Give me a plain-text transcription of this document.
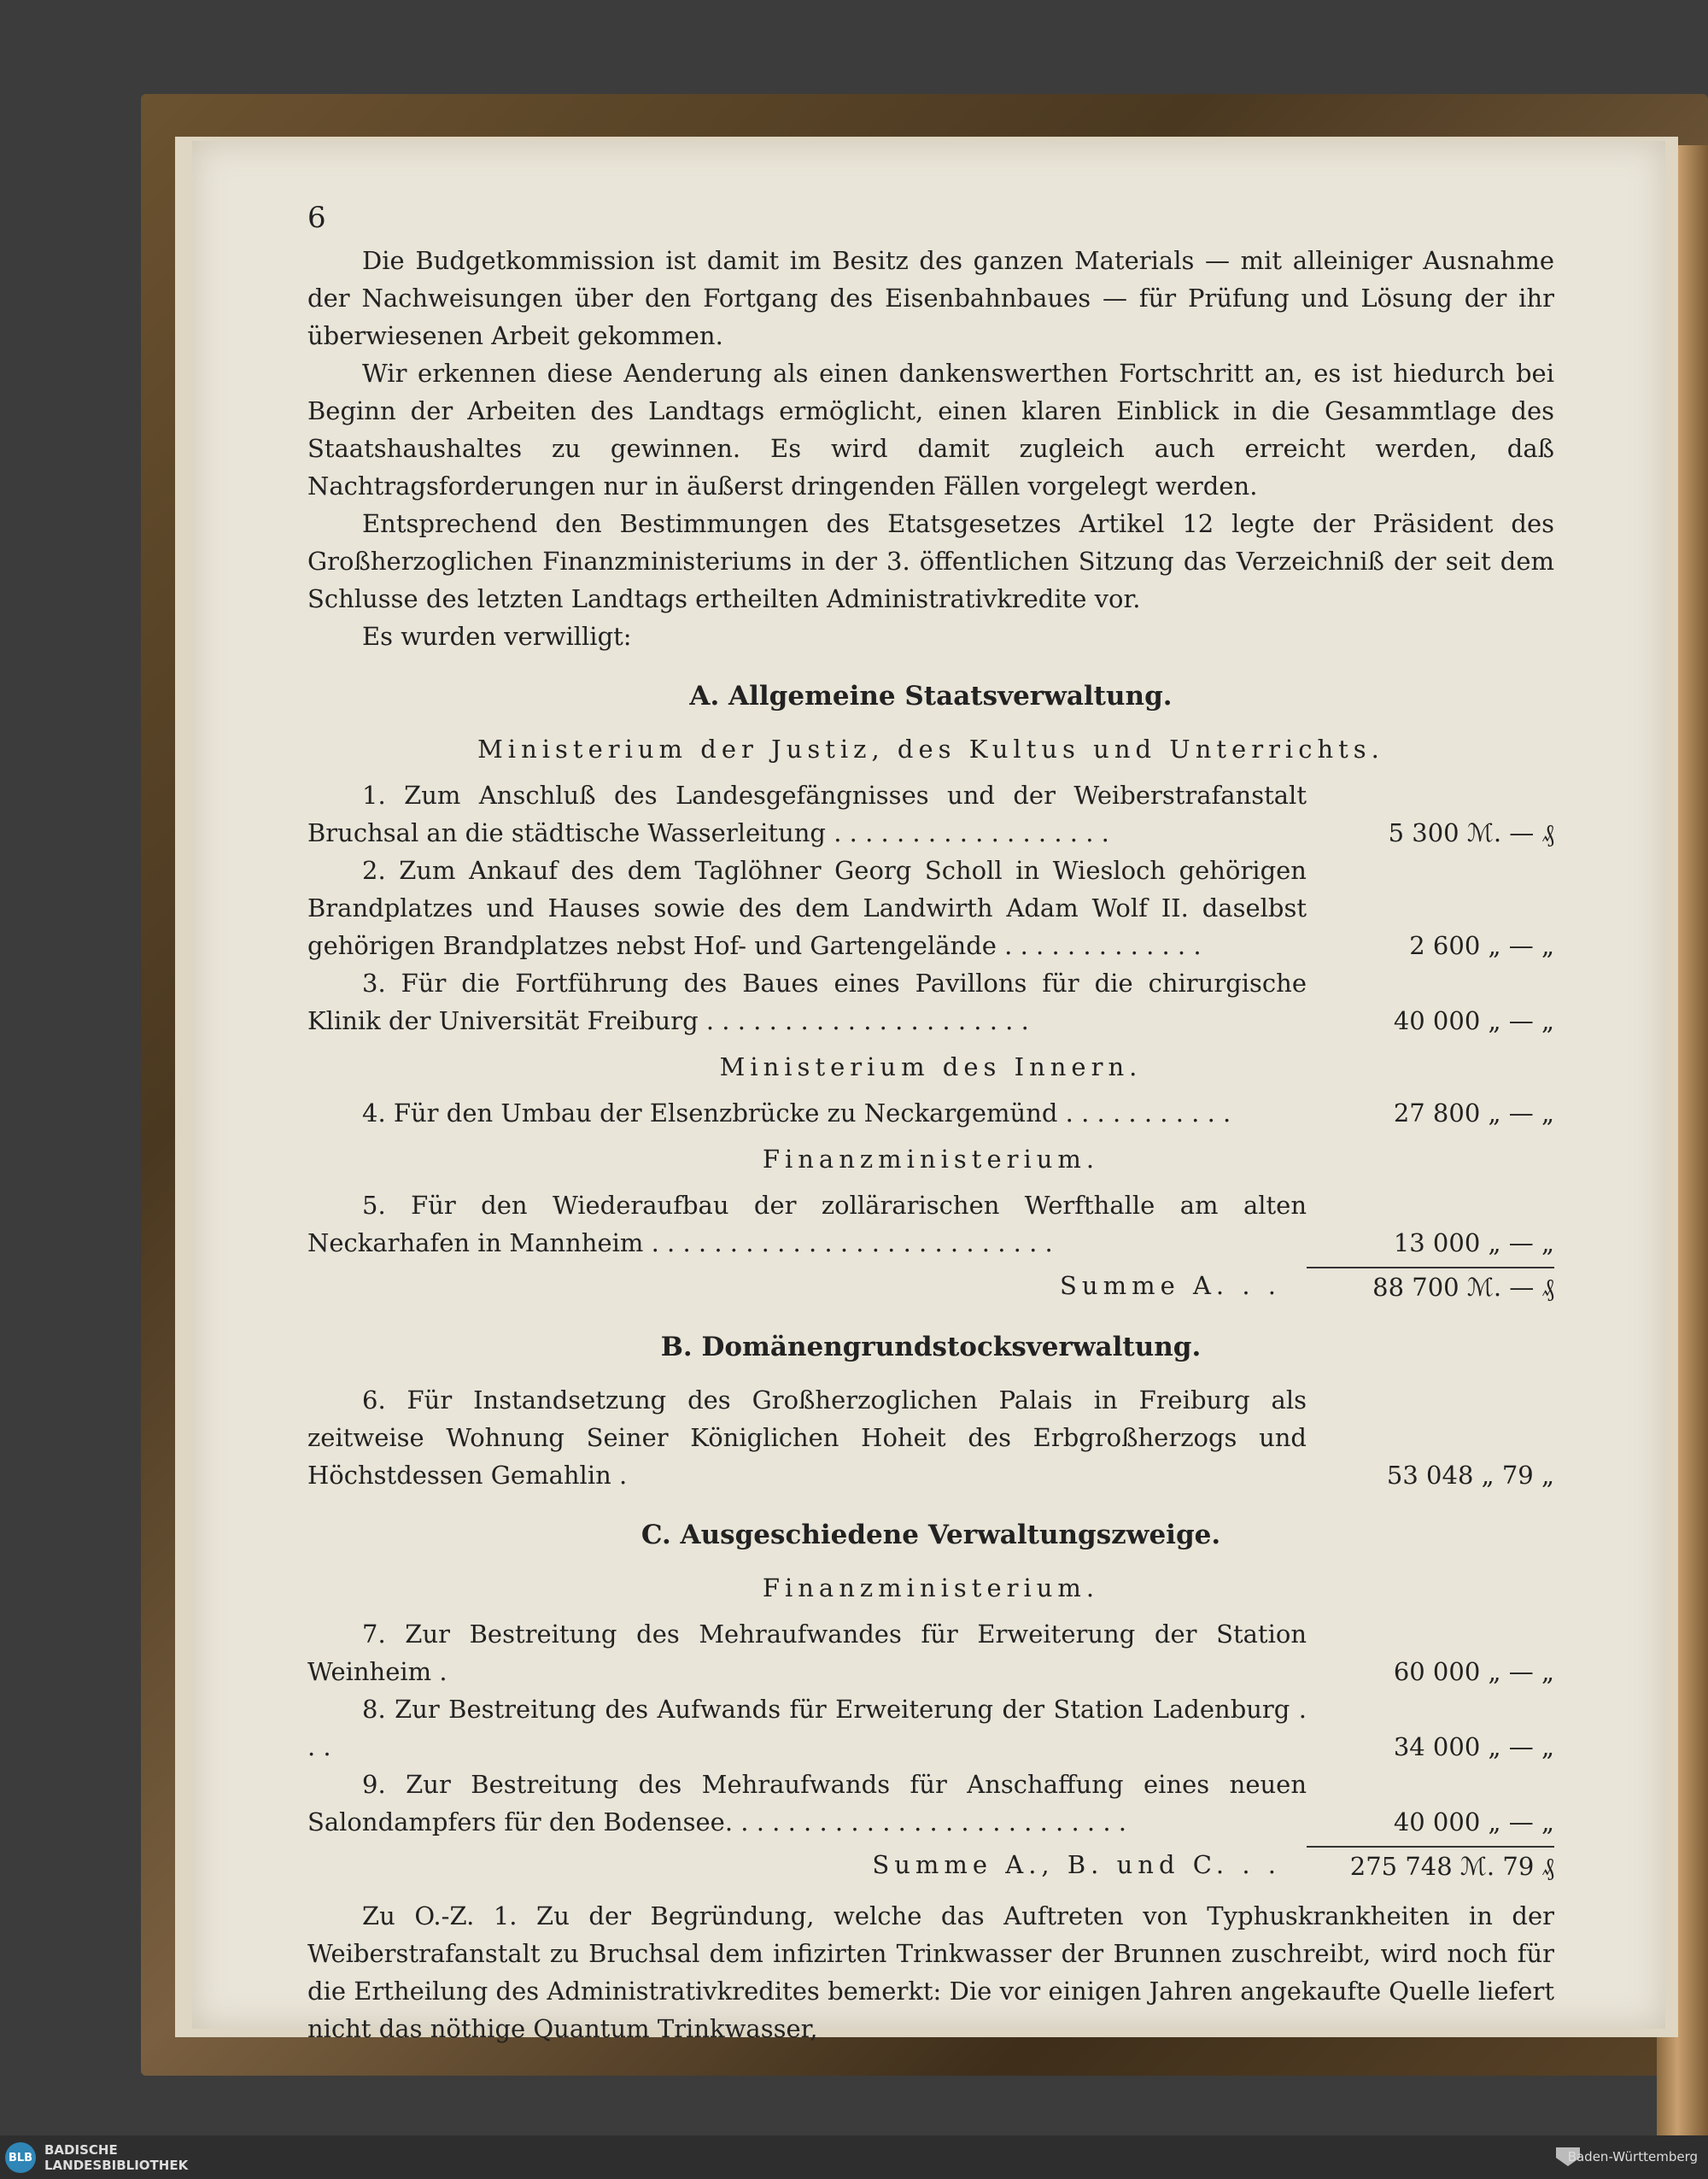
6

Die Budgetkommission ist damit im Besitz des ganzen Materials — mit alleiniger Ausnahme der Nachweisungen über den Fortgang des Eisenbahnbaues — für Prüfung und Lösung der ihr überwiesenen Arbeit gekommen.

Wir erkennen diese Aenderung als einen dankenswerthen Fortschritt an, es ist hiedurch bei Beginn der Arbeiten des Landtags ermöglicht, einen klaren Einblick in die Gesammtlage des Staatshaushaltes zu gewinnen. Es wird damit zugleich auch erreicht werden, daß Nachtragsforderungen nur in äußerst dringenden Fällen vorgelegt werden.

Entsprechend den Bestimmungen des Etatsgesetzes Artikel 12 legte der Präsident des Großherzoglichen Finanzministeriums in der 3. öffentlichen Sitzung das Verzeichniß der seit dem Schlusse des letzten Landtags ertheilten Administrativkredite vor.

Es wurden verwilligt:

A. Allgemeine Staatsverwaltung.
Ministerium der Justiz, des Kultus und Unterrichts.
1. Zum Anschluß des Landesgefängnisses und der Weiberstrafanstalt Bruchsal an die städtische Wasserleitung . . . . . . . . . . . . . . . . . .	5 300 ℳ. — ₰
2. Zum Ankauf des dem Taglöhner Georg Scholl in Wiesloch gehörigen Brandplatzes und Hauses sowie des dem Landwirth Adam Wolf II. daselbst gehörigen Brandplatzes nebst Hof- und Gartengelände . . . . . . . . . . . . .	2 600 „ — „
3. Für die Fortführung des Baues eines Pavillons für die chirurgische Klinik der Universität Freiburg . . . . . . . . . . . . . . . . . . . . .	40 000 „ — „
Ministerium des Innern.
4. Für den Umbau der Elsenzbrücke zu Neckargemünd . . . . . . . . . . .	27 800 „ — „
Finanzministerium.
5. Für den Wiederaufbau der zollärarischen Werfthalle am alten Neckarhafen in Mannheim . . . . . . . . . . . . . . . . . . . . . . . . . .	13 000 „ — „
Summe A. . .	88 700 ℳ. — ₰
B. Domänengrundstocksverwaltung.
6. Für Instandsetzung des Großherzoglichen Palais in Freiburg als zeitweise Wohnung Seiner Königlichen Hoheit des Erbgroßherzogs und Höchstdessen Gemahlin .	53 048 „ 79 „
C. Ausgeschiedene Verwaltungszweige.
Finanzministerium.
7. Zur Bestreitung des Mehraufwandes für Erweiterung der Station Weinheim .	60 000 „ — „
8. Zur Bestreitung des Aufwands für Erweiterung der Station Ladenburg . . .	34 000 „ — „
9. Zur Bestreitung des Mehraufwands für Anschaffung eines neuen Salondampfers für den Bodensee. . . . . . . . . . . . . . . . . . . . . . . . . .	40 000 „ — „
Summe A., B. und C. . .	275 748 ℳ. 79 ₰

Zu O.-Z. 1. Zu der Begründung, welche das Auftreten von Typhuskrankheiten in der Weiberstrafanstalt zu Bruchsal dem infizirten Trinkwasser der Brunnen zuschreibt, wird noch für die Ertheilung des Administrativkredites bemerkt: Die vor einigen Jahren angekaufte Quelle liefert nicht das nöthige Quantum Trinkwasser,

BLB BADISCHE
LANDESBIBLIOTHEK
Baden-Württemberg
